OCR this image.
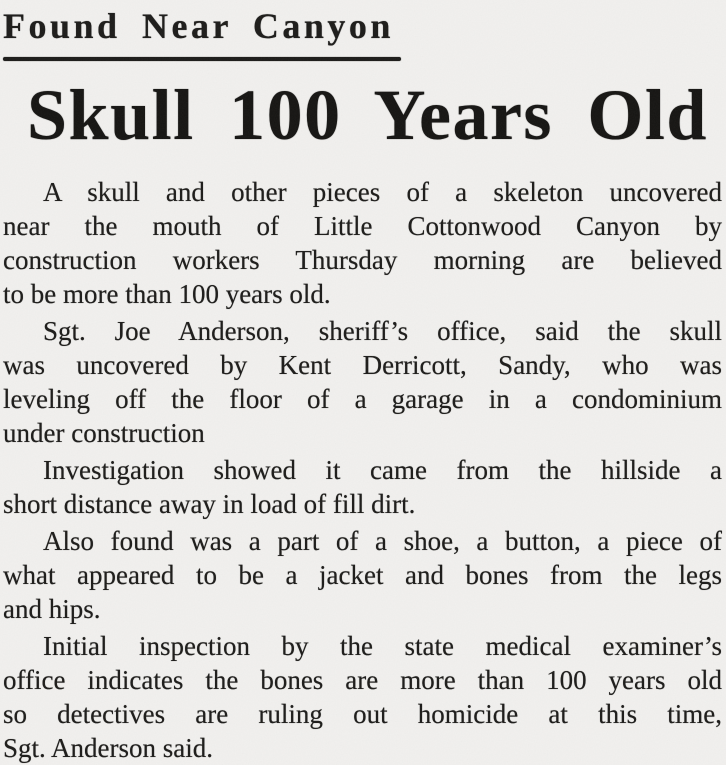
Found Near Canyon
Skull 100 Years Old

A skull and other pieces of a skeleton uncovered
near the mouth of Little Cottonwood Canyon by
construction workers Thursday morning are believed
to be more than 100 years old.

Sgt. Joe Anderson, sheriff’s office, said the skull
was uncovered by Kent Derricott, Sandy, who was
leveling off the floor of a garage in a condominium
under construction

Investigation showed it came from the hillside a
short distance away in load of fill dirt.

Also found was a part of a shoe, a button, a piece of
what appeared to be a jacket and bones from the legs
and hips.

Initial inspection by the state medical examiner’s
office indicates the bones are more than 100 years old
so detectives are ruling out homicide at this time,
Sgt. Anderson said.
